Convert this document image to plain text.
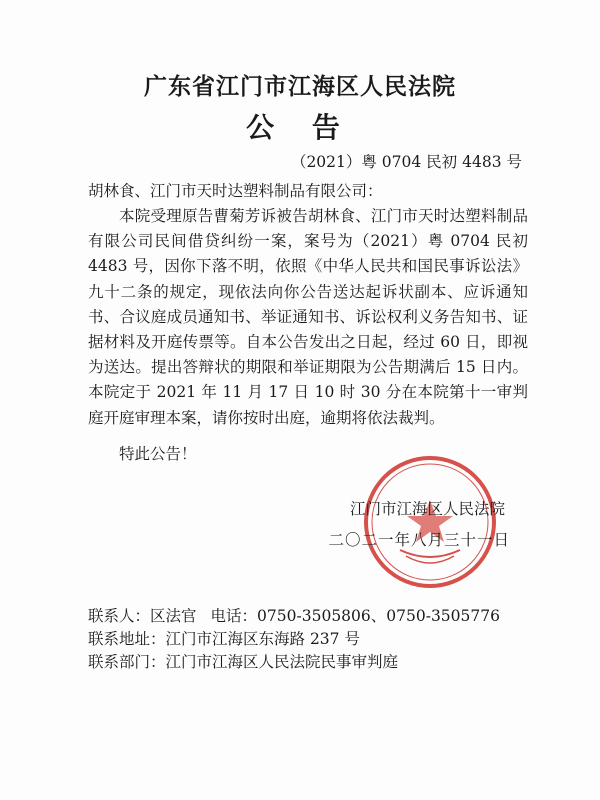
广东省江门市江海区人民法院
公 告
（2021）粤 0704 民初 4483 号
胡林食、江门市天时达塑料制品有限公司：
本院受理原告曹菊芳诉被告胡林食、江门市天时达塑料制品有限公司民间借贷纠纷一案，案号为（2021）粤 0704 民初 4483 号，因你下落不明，依照《中华人民共和国民事诉讼法》九十二条的规定，现依法向你公告送达起诉状副本、应诉通知书、合议庭成员通知书、举证通知书、诉讼权利义务告知书、证据材料及开庭传票等。自本公告发出之日起，经过 60 日，即视为送达。提出答辩状的期限和举证期限为公告期满后 15 日内。本院定于 2021 年 11 月 17 日 10 时 30 分在本院第十一审判庭开庭审理本案，请你按时出庭，逾期将依法裁判。
特此公告！
江门市江海区人民法院
二〇二一年八月三十一日
联系人：区法官 电话：0750-3505806、0750-3505776
联系地址：江门市江海区东海路 237 号
联系部门：江门市江海区人民法院民事审判庭
